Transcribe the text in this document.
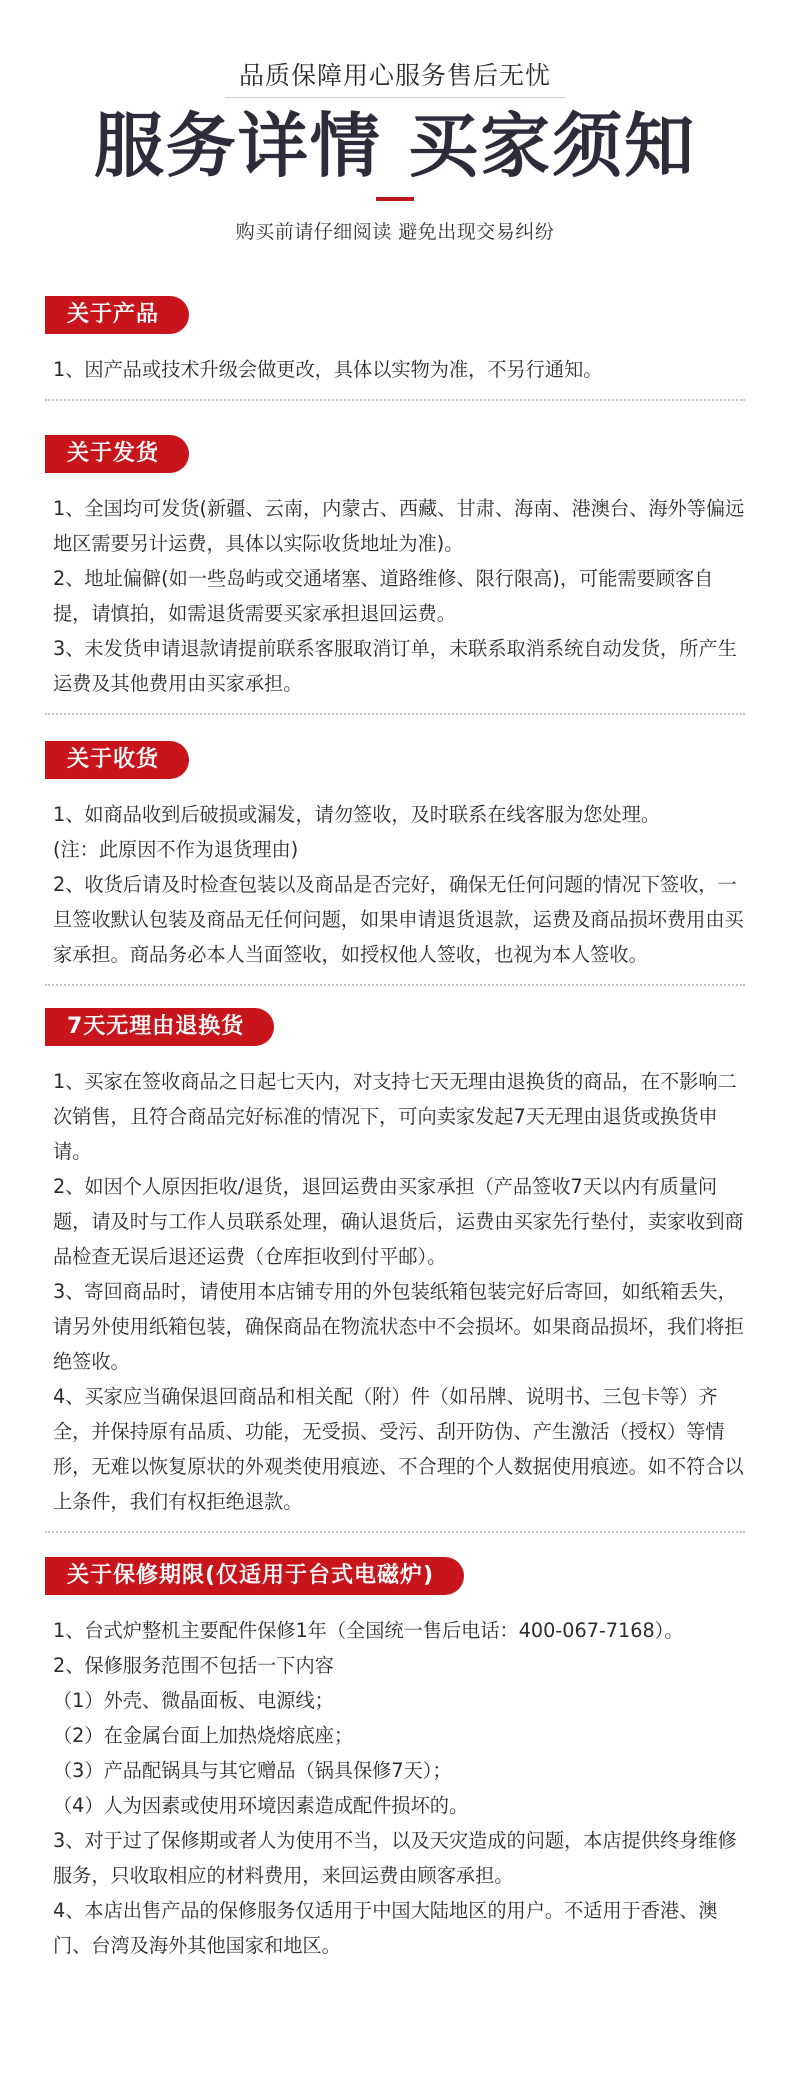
品质保障用心服务售后无忧
服务详情 买家须知
购买前请仔细阅读 避免出现交易纠纷
关于产品

1、因产品或技术升级会做更改，具体以实物为准，不另行通知。

关于发货

1、全国均可发货(新疆、云南，内蒙古、西藏、甘肃、海南、港澳台、海外等偏远地区需要另计运费，具体以实际收货地址为准)。

2、地址偏僻(如一些岛屿或交通堵塞、道路维修、限行限高)，可能需要顾客自提，请慎拍，如需退货需要买家承担退回运费。

3、未发货申请退款请提前联系客服取消订单，未联系取消系统自动发货，所产生运费及其他费用由买家承担。

关于收货

1、如商品收到后破损或漏发，请勿签收，及时联系在线客服为您处理。

(注：此原因不作为退货理由)

2、收货后请及时检查包装以及商品是否完好，确保无任何问题的情况下签收，一旦签收默认包装及商品无任何问题，如果申请退货退款，运费及商品损坏费用由买家承担。商品务必本人当面签收，如授权他人签收，也视为本人签收。

7天无理由退换货

1、买家在签收商品之日起七天内，对支持七天无理由退换货的商品，在不影响二次销售，且符合商品完好标准的情况下，可向卖家发起7天无理由退货或换货申请。

2、如因个人原因拒收/退货，退回运费由买家承担（产品签收7天以内有质量问题，请及时与工作人员联系处理，确认退货后，运费由买家先行垫付，卖家收到商品检查无误后退还运费（仓库拒收到付平邮）。

3、寄回商品时，请使用本店铺专用的外包装纸箱包装完好后寄回，如纸箱丢失，请另外使用纸箱包装，确保商品在物流状态中不会损坏。如果商品损坏，我们将拒绝签收。

4、买家应当确保退回商品和相关配（附）件（如吊牌、说明书、三包卡等）齐全，并保持原有品质、功能，无受损、受污、刮开防伪、产生激活（授权）等情形，无难以恢复原状的外观类使用痕迹、不合理的个人数据使用痕迹。如不符合以上条件，我们有权拒绝退款。

关于保修期限(仅适用于台式电磁炉)

1、台式炉整机主要配件保修1年（全国统一售后电话：400-067-7168）。

2、保修服务范围不包括一下内容

（1）外壳、微晶面板、电源线；

（2）在金属台面上加热烧熔底座；

（3）产品配锅具与其它赠品（锅具保修7天）；

（4）人为因素或使用环境因素造成配件损坏的。

3、对于过了保修期或者人为使用不当，以及天灾造成的问题，本店提供终身维修服务，只收取相应的材料费用，来回运费由顾客承担。

4、本店出售产品的保修服务仅适用于中国大陆地区的用户。不适用于香港、澳门、台湾及海外其他国家和地区。
